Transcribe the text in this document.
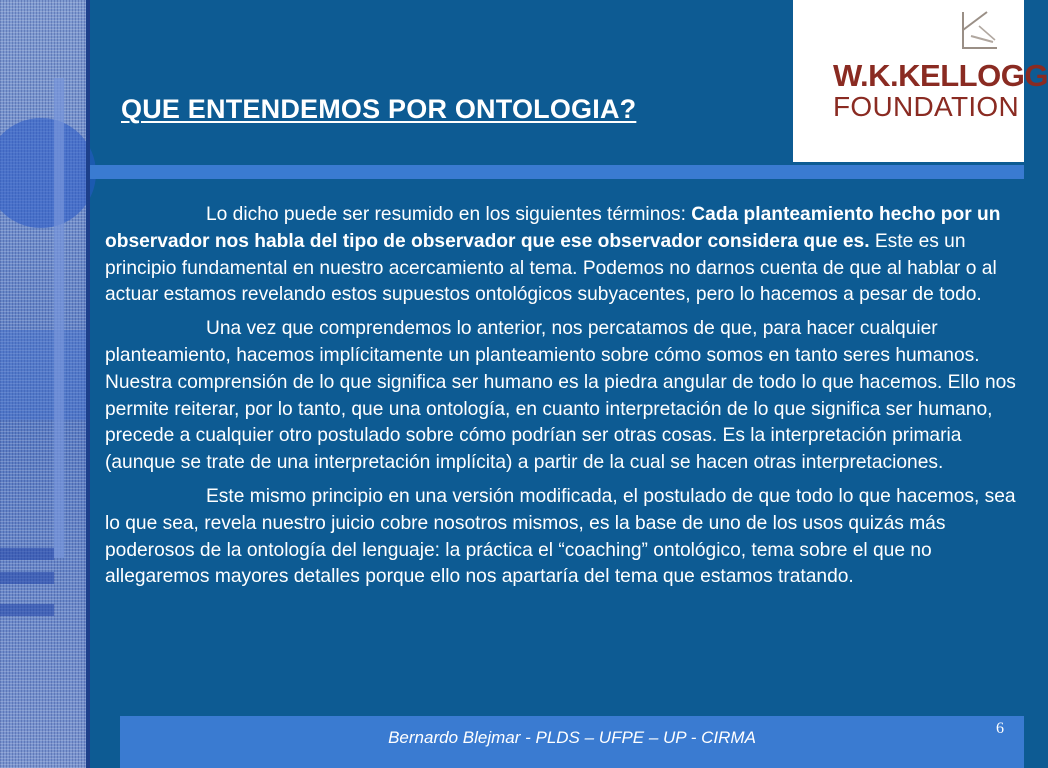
QUE ENTENDEMOS POR ONTOLOGIA?
W.K.KELLOGG
FOUNDATION

Lo dicho puede ser resumido en los siguientes términos: Cada planteamiento hecho por un observador nos habla del tipo de observador que ese observador considera que es. Este es un principio fundamental en nuestro acercamiento al tema. Podemos no darnos cuenta de que al hablar o al actuar estamos revelando estos supuestos ontológicos subyacentes, pero lo hacemos a pesar de todo.

Una vez que comprendemos lo anterior, nos percatamos de que, para hacer cualquier planteamiento, hacemos implícitamente un planteamiento sobre cómo somos en tanto seres humanos. Nuestra comprensión de lo que significa ser humano es la piedra angular de todo lo que hacemos. Ello nos permite reiterar, por lo tanto, que una ontología, en cuanto interpretación de lo que significa ser humano, precede a cualquier otro postulado sobre cómo podrían ser otras cosas. Es la interpretación primaria (aunque se trate de una interpretación implícita) a partir de la cual se hacen otras interpretaciones.

Este mismo principio en una versión modificada, el postulado de que todo lo que hacemos, sea lo que sea, revela nuestro juicio cobre nosotros mismos, es la base de uno de los usos quizás más poderosos de la ontología del lenguaje: la práctica el “coaching” ontológico, tema sobre el que no allegaremos mayores detalles porque ello nos apartaría del tema que estamos tratando.

Bernardo Blejmar - PLDS – UFPE – UP - CIRMA	6
